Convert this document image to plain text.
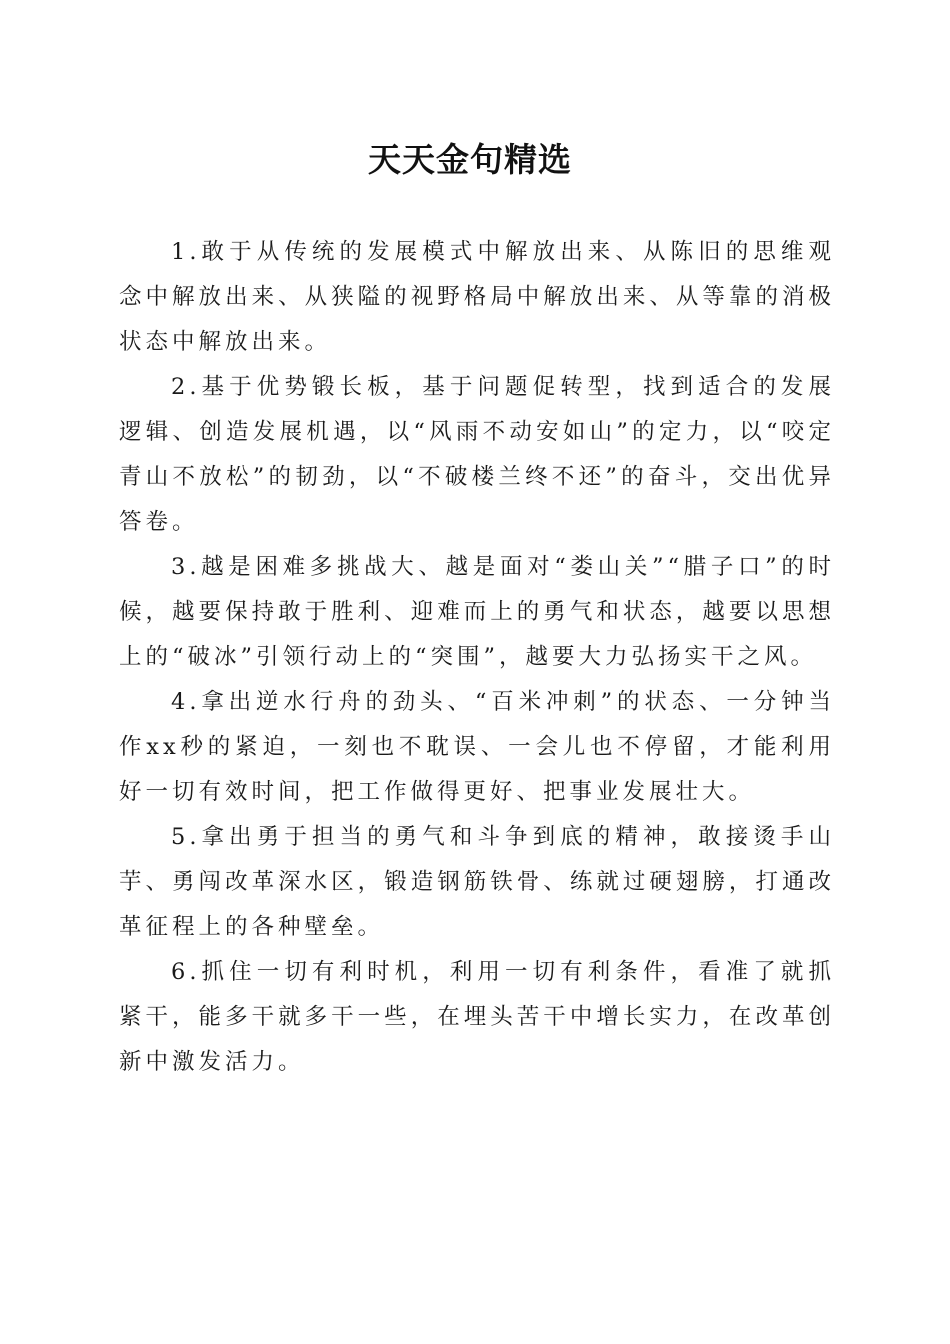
天天金句精选

1.敢于从传统的发展模式中解放出来、从陈旧的思维观念中解放出来、从狭隘的视野格局中解放出来、从等靠的消极状态中解放出来。

2.基于优势锻长板，基于问题促转型，找到适合的发展逻辑、创造发展机遇，以“风雨不动安如山”的定力，以“咬定青山不放松”的韧劲，以“不破楼兰终不还”的奋斗，交出优异答卷。

3.越是困难多挑战大、越是面对“娄山关”“腊子口”的时候，越要保持敢于胜利、迎难而上的勇气和状态，越要以思想上的“破冰”引领行动上的“突围”，越要大力弘扬实干之风。

4.拿出逆水行舟的劲头、“百米冲刺”的状态、一分钟当作xx秒的紧迫，一刻也不耽误、一会儿也不停留，才能利用好一切有效时间，把工作做得更好、把事业发展壮大。

5.拿出勇于担当的勇气和斗争到底的精神，敢接烫手山芋、勇闯改革深水区，锻造钢筋铁骨、练就过硬翅膀，打通改革征程上的各种壁垒。

6.抓住一切有利时机，利用一切有利条件，看准了就抓紧干，能多干就多干一些，在埋头苦干中增长实力，在改革创新中激发活力。
